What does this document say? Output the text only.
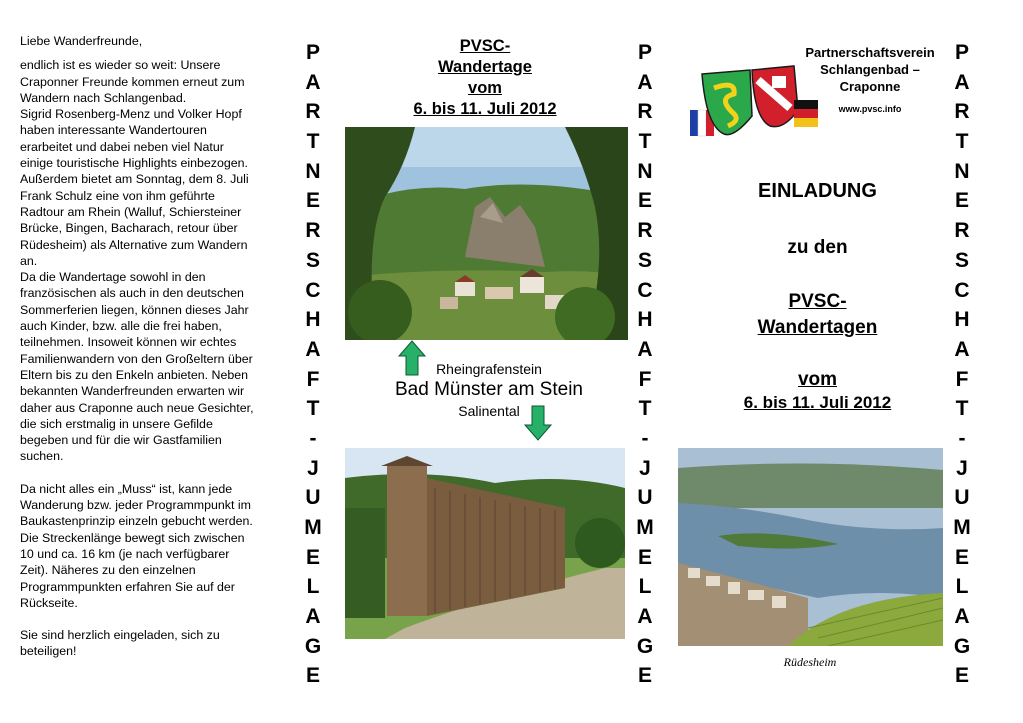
Liebe Wanderfreunde,

endlich ist es wieder so weit: Unsere
Craponner Freunde kommen erneut zum
Wandern nach Schlangenbad.
Sigrid Rosenberg-Menz und Volker Hopf
haben interessante Wandertouren
erarbeitet und dabei neben viel Natur
einige touristische Highlights einbezogen.
Außerdem bietet am Sonntag, dem 8. Juli
Frank Schulz eine von ihm geführte
Radtour am Rhein (Walluf, Schiersteiner
Brücke, Bingen, Bacharach, retour über
Rüdesheim) als Alternative zum Wandern
an.
Da die Wandertage sowohl in den
französischen als auch in den deutschen
Sommerferien liegen, können dieses Jahr
auch Kinder, bzw. alle die frei haben,
teilnehmen. Insoweit können wir echtes
Familienwandern von den Großeltern über
Eltern bis zu den Enkeln anbieten. Neben
bekannten Wanderfreunden erwarten wir
daher aus Craponne auch neue Gesichter,
die sich erstmalig in unsere Gefilde
begeben und für die wir Gastfamilien
suchen.

Da nicht alles ein „Muss“ ist, kann jede
Wanderung bzw. jeder Programmpunkt im
Baukastenprinzip einzeln gebucht werden.
Die Streckenlänge bewegt sich zwischen
10 und ca. 16 km (je nach verfügbarer
Zeit). Näheres zu den einzelnen
Programmpunkten erfahren Sie auf der
Rückseite.

Sie sind herzlich eingeladen, sich zu
beteiligen!

P
A
R
T
N
E
R
S
C
H
A
F
T
-
J
U
M
E
L
A
G
E
P
A
R
T
N
E
R
S
C
H
A
F
T
-
J
U
M
E
L
A
G
E
P
A
R
T
N
E
R
S
C
H
A
F
T
-
J
U
M
E
L
A
G
E
PVSC-
Wandertage
vom
6. bis 11. Juli 2012
Rheingrafenstein
Bad Münster am Stein
Salinental
Partnerschaftsverein
Schlangenbad –
Craponne
www.pvsc.info
EINLADUNG
zu den
PVSC-
Wandertagen
vom
6. bis 11. Juli 2012
Rüdesheim
